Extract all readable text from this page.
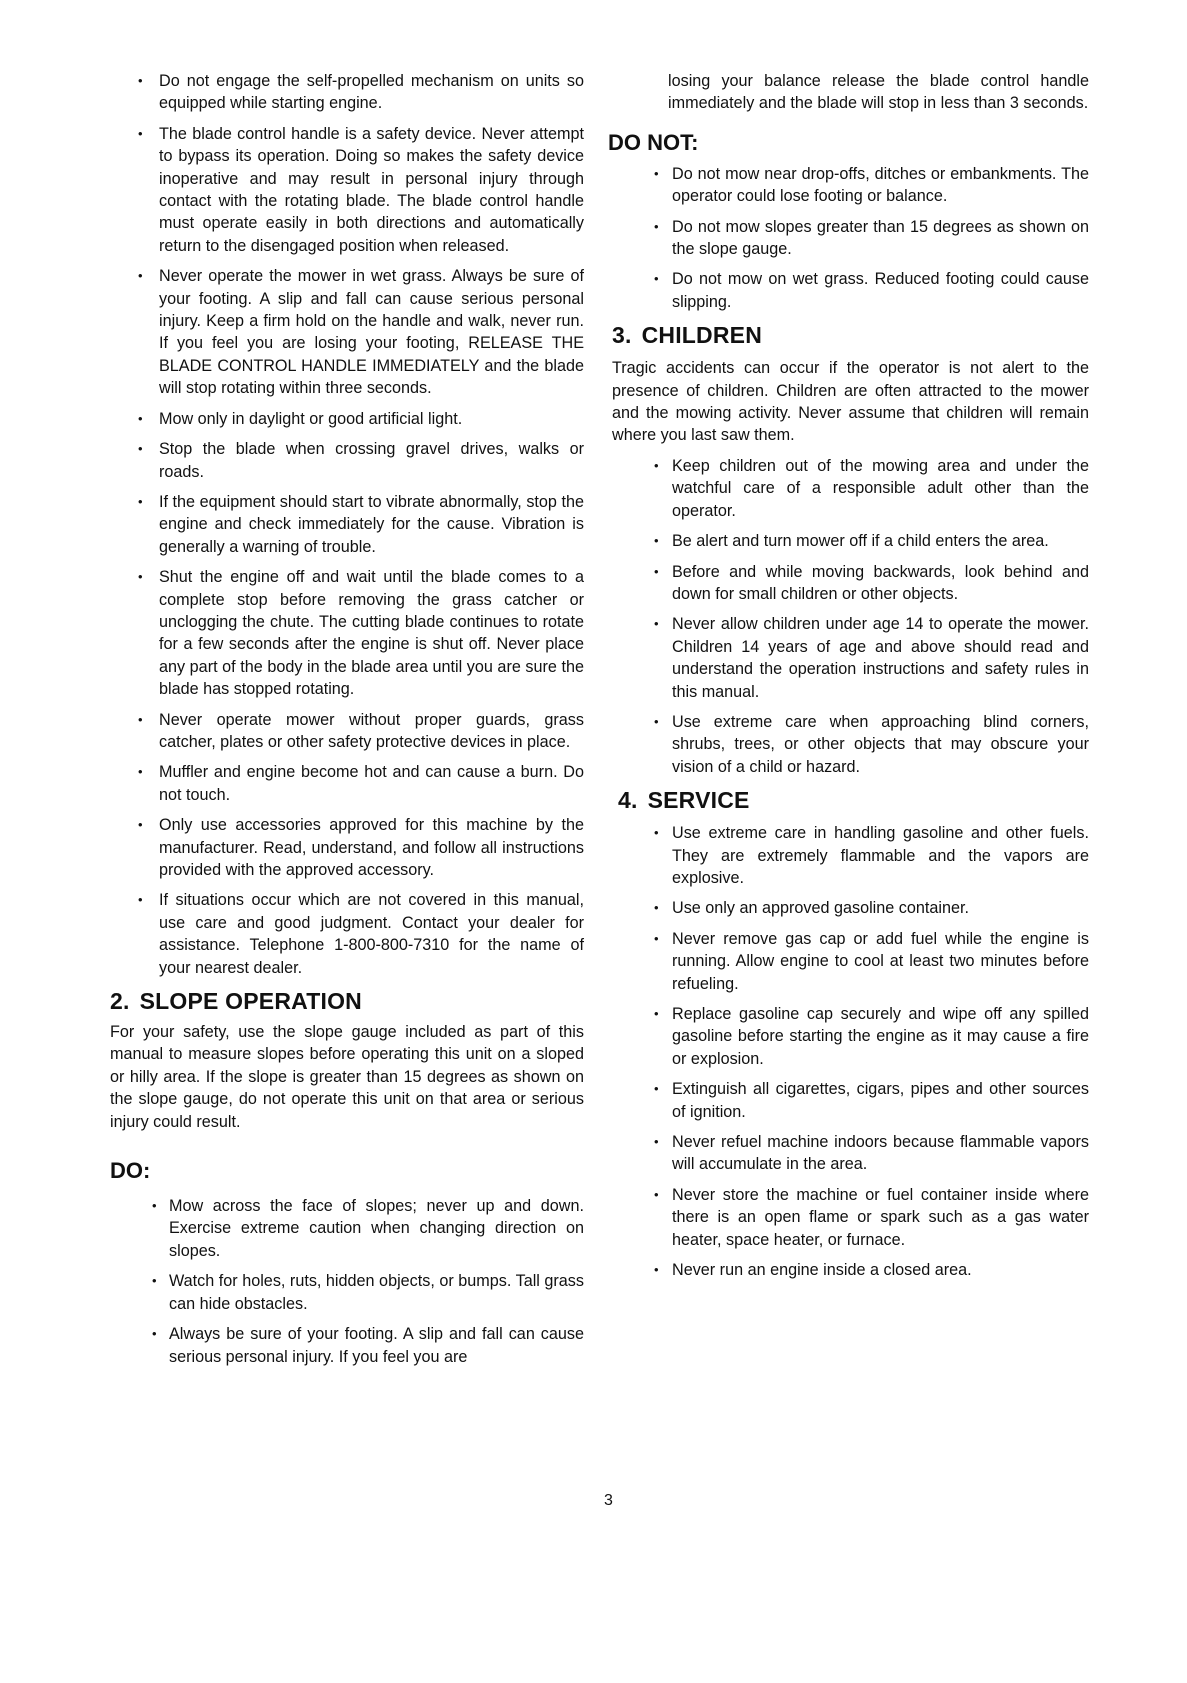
• Do not engage the self-propelled mechanism on units so equipped while starting engine.
• The blade control handle is a safety device. Never attempt to bypass its operation. Doing so makes the safety device inoperative and may result in personal injury through contact with the rotating blade. The blade control handle must operate easily in both directions and automatically return to the disengaged position when released.
• Never operate the mower in wet grass. Always be sure of your footing. A slip and fall can cause serious personal injury. Keep a firm hold on the handle and walk, never run. If you feel you are losing your footing, RELEASE THE BLADE CONTROL HANDLE IMMEDIATELY and the blade will stop rotating within three seconds.
• Mow only in daylight or good artificial light.
• Stop the blade when crossing gravel drives, walks or roads.
• If the equipment should start to vibrate abnormally, stop the engine and check immediately for the cause. Vibration is generally a warning of trouble.
• Shut the engine off and wait until the blade comes to a complete stop before removing the grass catcher or unclogging the chute. The cutting blade continues to rotate for a few seconds after the engine is shut off. Never place any part of the body in the blade area until you are sure the blade has stopped rotating.
• Never operate mower without proper guards, grass catcher, plates or other safety protective devices in place.
• Muffler and engine become hot and can cause a burn. Do not touch.
• Only use accessories approved for this machine by the manufacturer. Read, understand, and follow all instructions provided with the approved accessory.
• If situations occur which are not covered in this manual, use care and good judgment. Contact your dealer for assistance. Telephone 1-800-800-7310 for the name of your nearest dealer.
2. SLOPE OPERATION

For your safety, use the slope gauge included as part of this manual to measure slopes before operating this unit on a sloped or hilly area. If the slope is greater than 15 degrees as shown on the slope gauge, do not operate this unit on that area or serious injury could result.

DO:
• Mow across the face of slopes; never up and down. Exercise extreme caution when changing direction on slopes.
• Watch for holes, ruts, hidden objects, or bumps. Tall grass can hide obstacles.
• Always be sure of your footing. A slip and fall can cause serious personal injury. If you feel you are

losing your balance release the blade control handle immediately and the blade will stop in less than 3 seconds.

DO NOT:
• Do not mow near drop-offs, ditches or embankments. The operator could lose footing or balance.
• Do not mow slopes greater than 15 degrees as shown on the slope gauge.
• Do not mow on wet grass. Reduced footing could cause slipping.
3. CHILDREN

Tragic accidents can occur if the operator is not alert to the presence of children. Children are often attracted to the mower and the mowing activity. Never assume that children will remain where you last saw them.

• Keep children out of the mowing area and under the watchful care of a responsible adult other than the operator.
• Be alert and turn mower off if a child enters the area.
• Before and while moving backwards, look behind and down for small children or other objects.
• Never allow children under age 14 to operate the mower. Children 14 years of age and above should read and understand the operation instructions and safety rules in this manual.
• Use extreme care when approaching blind corners, shrubs, trees, or other objects that may obscure your vision of a child or hazard.
4. SERVICE
• Use extreme care in handling gasoline and other fuels. They are extremely flammable and the vapors are explosive.
• Use only an approved gasoline container.
• Never remove gas cap or add fuel while the engine is running. Allow engine to cool at least two minutes before refueling.
• Replace gasoline cap securely and wipe off any spilled gasoline before starting the engine as it may cause a fire or explosion.
• Extinguish all cigarettes, cigars, pipes and other sources of ignition.
• Never refuel machine indoors because flammable vapors will accumulate in the area.
• Never store the machine or fuel container inside where there is an open flame or spark such as a gas water heater, space heater, or furnace.
• Never run an engine inside a closed area.
3
